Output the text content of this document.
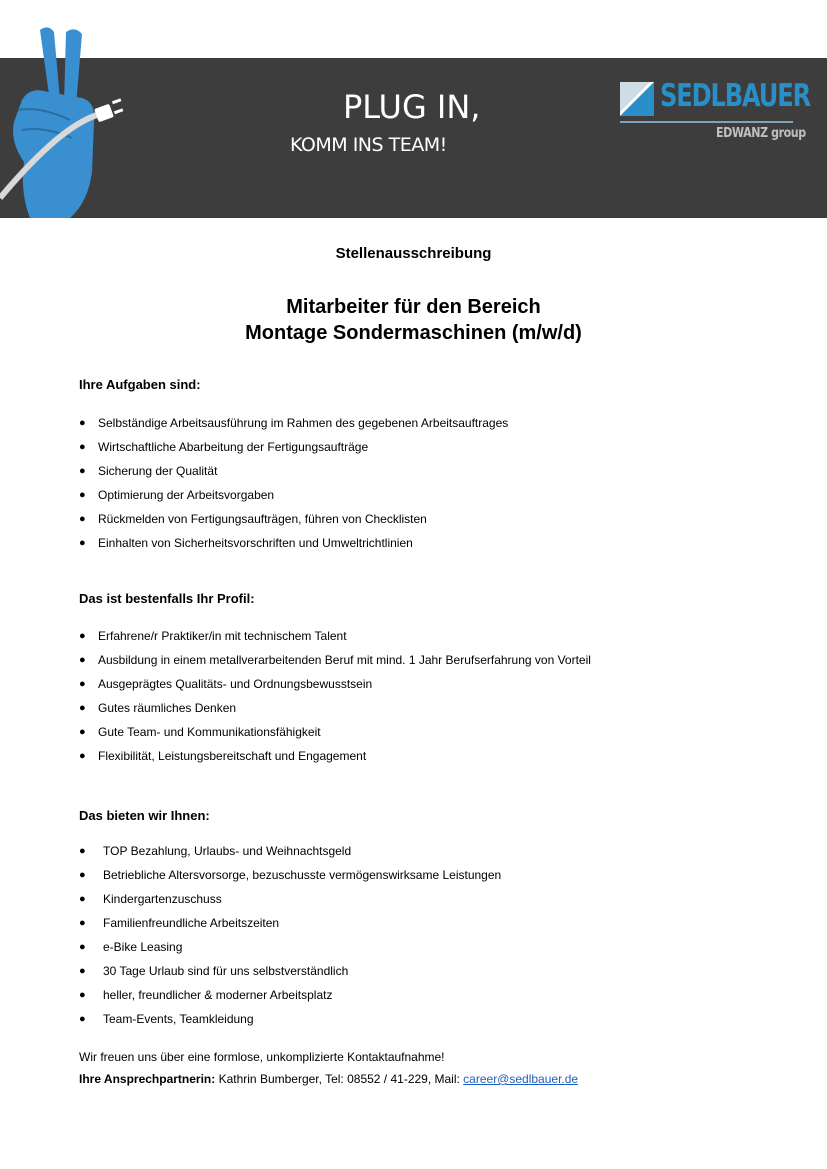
PLUG IN,
KOMM INS TEAM!
SEDLBAUER
EDWANZ group
Stellenausschreibung
Mitarbeiter für den Bereich
Montage Sondermaschinen (m/w/d)
Ihre Aufgaben sind:
● Selbständige Arbeitsausführung im Rahmen des gegebenen Arbeitsauftrages
● Wirtschaftliche Abarbeitung der Fertigungsaufträge
● Sicherung der Qualität
● Optimierung der Arbeitsvorgaben
● Rückmelden von Fertigungsaufträgen, führen von Checklisten
● Einhalten von Sicherheitsvorschriften und Umweltrichtlinien
Das ist bestenfalls Ihr Profil:
● Erfahrene/r Praktiker/in mit technischem Talent
● Ausbildung in einem metallverarbeitenden Beruf mit mind. 1 Jahr Berufserfahrung von Vorteil
● Ausgeprägtes Qualitäts- und Ordnungsbewusstsein
● Gutes räumliches Denken
● Gute Team- und Kommunikationsfähigkeit
● Flexibilität, Leistungsbereitschaft und Engagement
Das bieten wir Ihnen:
● TOP Bezahlung, Urlaubs- und Weihnachtsgeld
● Betriebliche Altersvorsorge, bezuschusste vermögenswirksame Leistungen
● Kindergartenzuschuss
● Familienfreundliche Arbeitszeiten
● e-Bike Leasing
● 30 Tage Urlaub sind für uns selbstverständlich
● heller, freundlicher & moderner Arbeitsplatz
● Team-Events, Teamkleidung
Wir freuen uns über eine formlose, unkomplizierte Kontaktaufnahme!
Ihre Ansprechpartnerin: Kathrin Bumberger, Tel: 08552 / 41-229, Mail: career@sedlbauer.de
